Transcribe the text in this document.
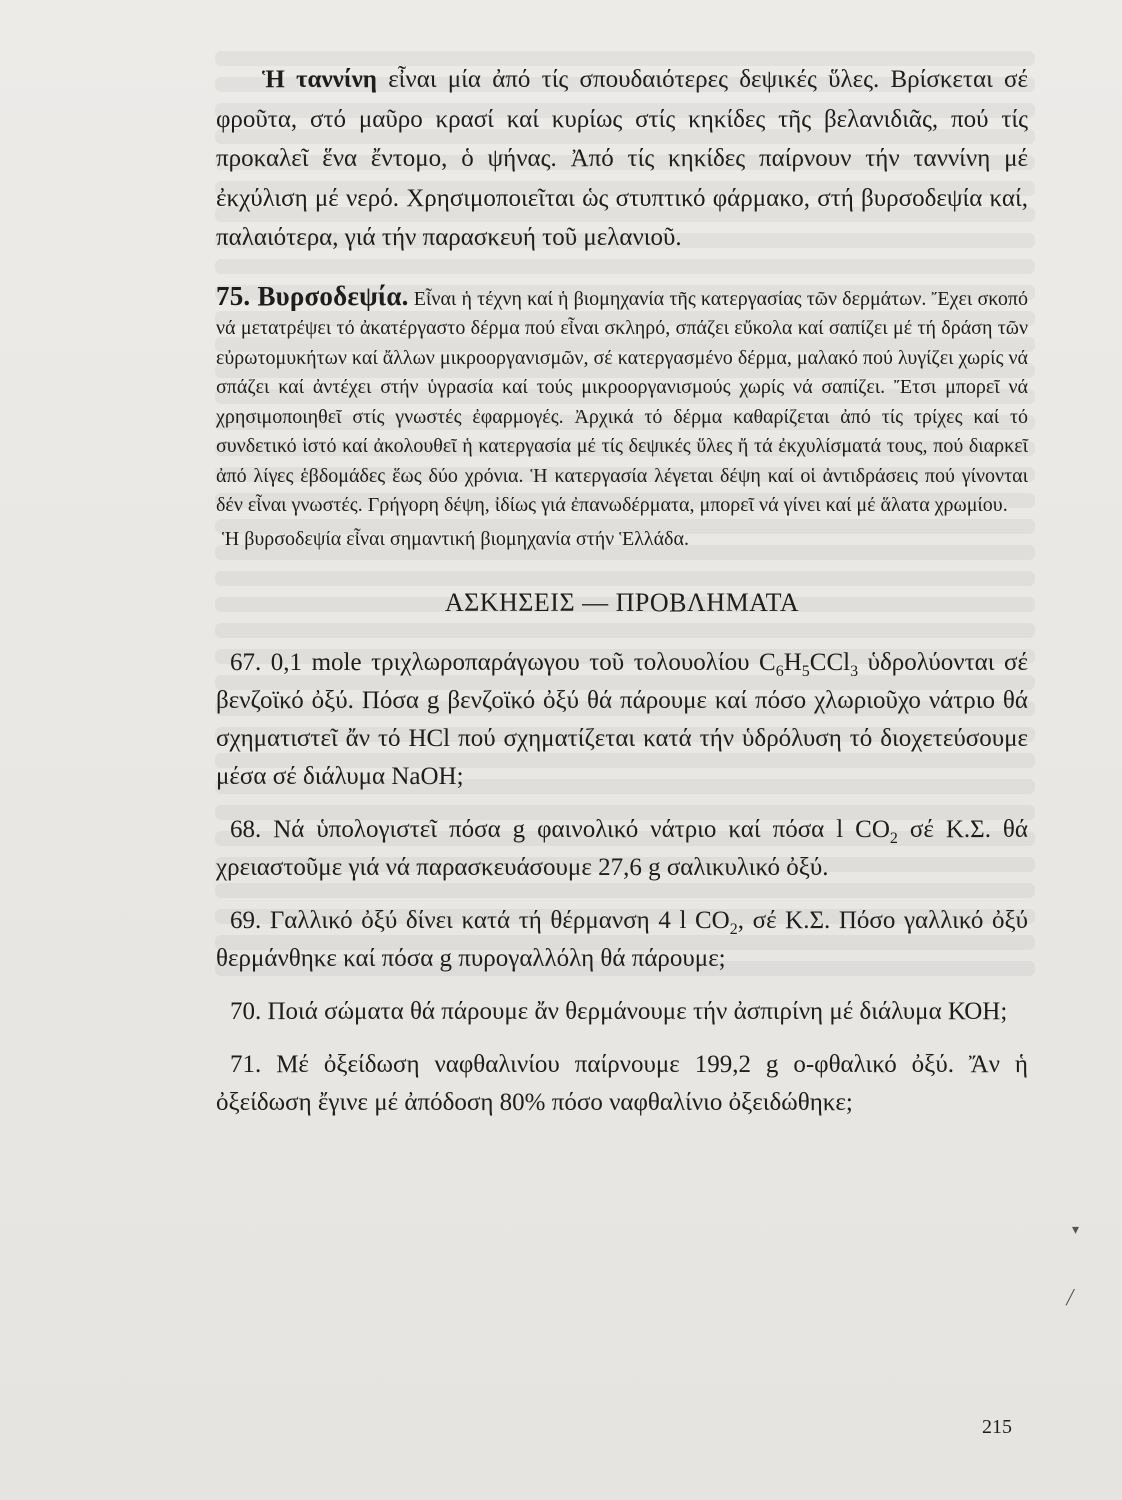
Ἡ ταννίνη εἶναι μία ἀπό τίς σπουδαιότερες δεψικές ὕλες. Βρίσκεται σέ φροῦτα, στό μαῦρο κρασί καί κυρίως στίς κηκίδες τῆς βελανιδιᾶς, πού τίς προκαλεῖ ἕνα ἔντομο, ὁ ψήνας. Ἀπό τίς κηκίδες παίρνουν τήν ταννίνη μέ ἐκχύλιση μέ νερό. Χρησιμοποιεῖται ὡς στυπτικό φάρμακο, στή βυρσοδεψία καί, παλαιότερα, γιά τήν παρασκευή τοῦ μελανιοῦ.

75. Βυρσοδεψία. Εἶναι ἡ τέχνη καί ἡ βιομηχανία τῆς κατεργασίας τῶν δερμάτων. Ἔχει σκοπό νά μετατρέψει τό ἀκατέργαστο δέρμα πού εἶναι σκληρό, σπάζει εὔκολα καί σαπίζει μέ τή δράση τῶν εὐρωτομυκήτων καί ἄλλων μικροοργανισμῶν, σέ κατεργασμένο δέρμα, μαλακό πού λυγίζει χωρίς νά σπάζει καί ἀντέχει στήν ὑγρασία καί τούς μικροοργανισμούς χωρίς νά σαπίζει. Ἔτσι μπορεῖ νά χρησιμοποιηθεῖ στίς γνωστές ἐφαρμογές. Ἀρχικά τό δέρμα καθαρίζεται ἀπό τίς τρίχες καί τό συνδετικό ἱστό καί ἀκολουθεῖ ἡ κατεργασία μέ τίς δεψικές ὕλες ἤ τά ἐκχυλίσματά τους, πού διαρκεῖ ἀπό λίγες ἑβδομάδες ἕως δύο χρόνια. Ἡ κατεργασία λέγεται δέψη καί οἱ ἀντιδράσεις πού γίνονται δέν εἶναι γνωστές. Γρήγορη δέψη, ἰδίως γιά ἐπανωδέρματα, μπορεῖ νά γίνει καί μέ ἅλατα χρωμίου.
Ἡ βυρσοδεψία εἶναι σημαντική βιομηχανία στήν Ἑλλάδα.
ΑΣΚΗΣΕΙΣ — ΠΡΟΒΛΗΜΑΤΑ

67. 0,1 mole τριχλωροπαράγωγου τοῦ τολουολίου $C_6H_5CCl_3$ ὑδρολύονται σέ βενζοϊκό ὀξύ. Πόσα g βενζοϊκό ὀξύ θά πάρουμε καί πόσο χλωριοῦχο νάτριο θά σχηματιστεῖ ἄν τό HCl πού σχηματίζεται κατά τήν ὑδρόλυση τό διοχετεύσουμε μέσα σέ διάλυμα NaOH;

68. Νά ὑπολογιστεῖ πόσα g φαινολικό νάτριο καί πόσα l $CO_2$ σέ Κ.Σ. θά χρειαστοῦμε γιά νά παρασκευάσουμε 27,6 g σαλικυλικό ὀξύ.

69. Γαλλικό ὀξύ δίνει κατά τή θέρμανση 4 l $CO_2$, σέ Κ.Σ. Πόσο γαλλικό ὀξύ θερμάνθηκε καί πόσα g πυρογαλλόλη θά πάρουμε;

70. Ποιά σώματα θά πάρουμε ἄν θερμάνουμε τήν ἀσπιρίνη μέ διάλυμα ΚΟΗ;

71. Μέ ὀξείδωση ναφθαλινίου παίρνουμε 199,2 g ο-φθαλικό ὀξύ. Ἄν ἡ ὀξείδωση ἔγινε μέ ἀπόδοση 80% πόσο ναφθαλίνιο ὀξειδώθηκε;

▾
╱
215
